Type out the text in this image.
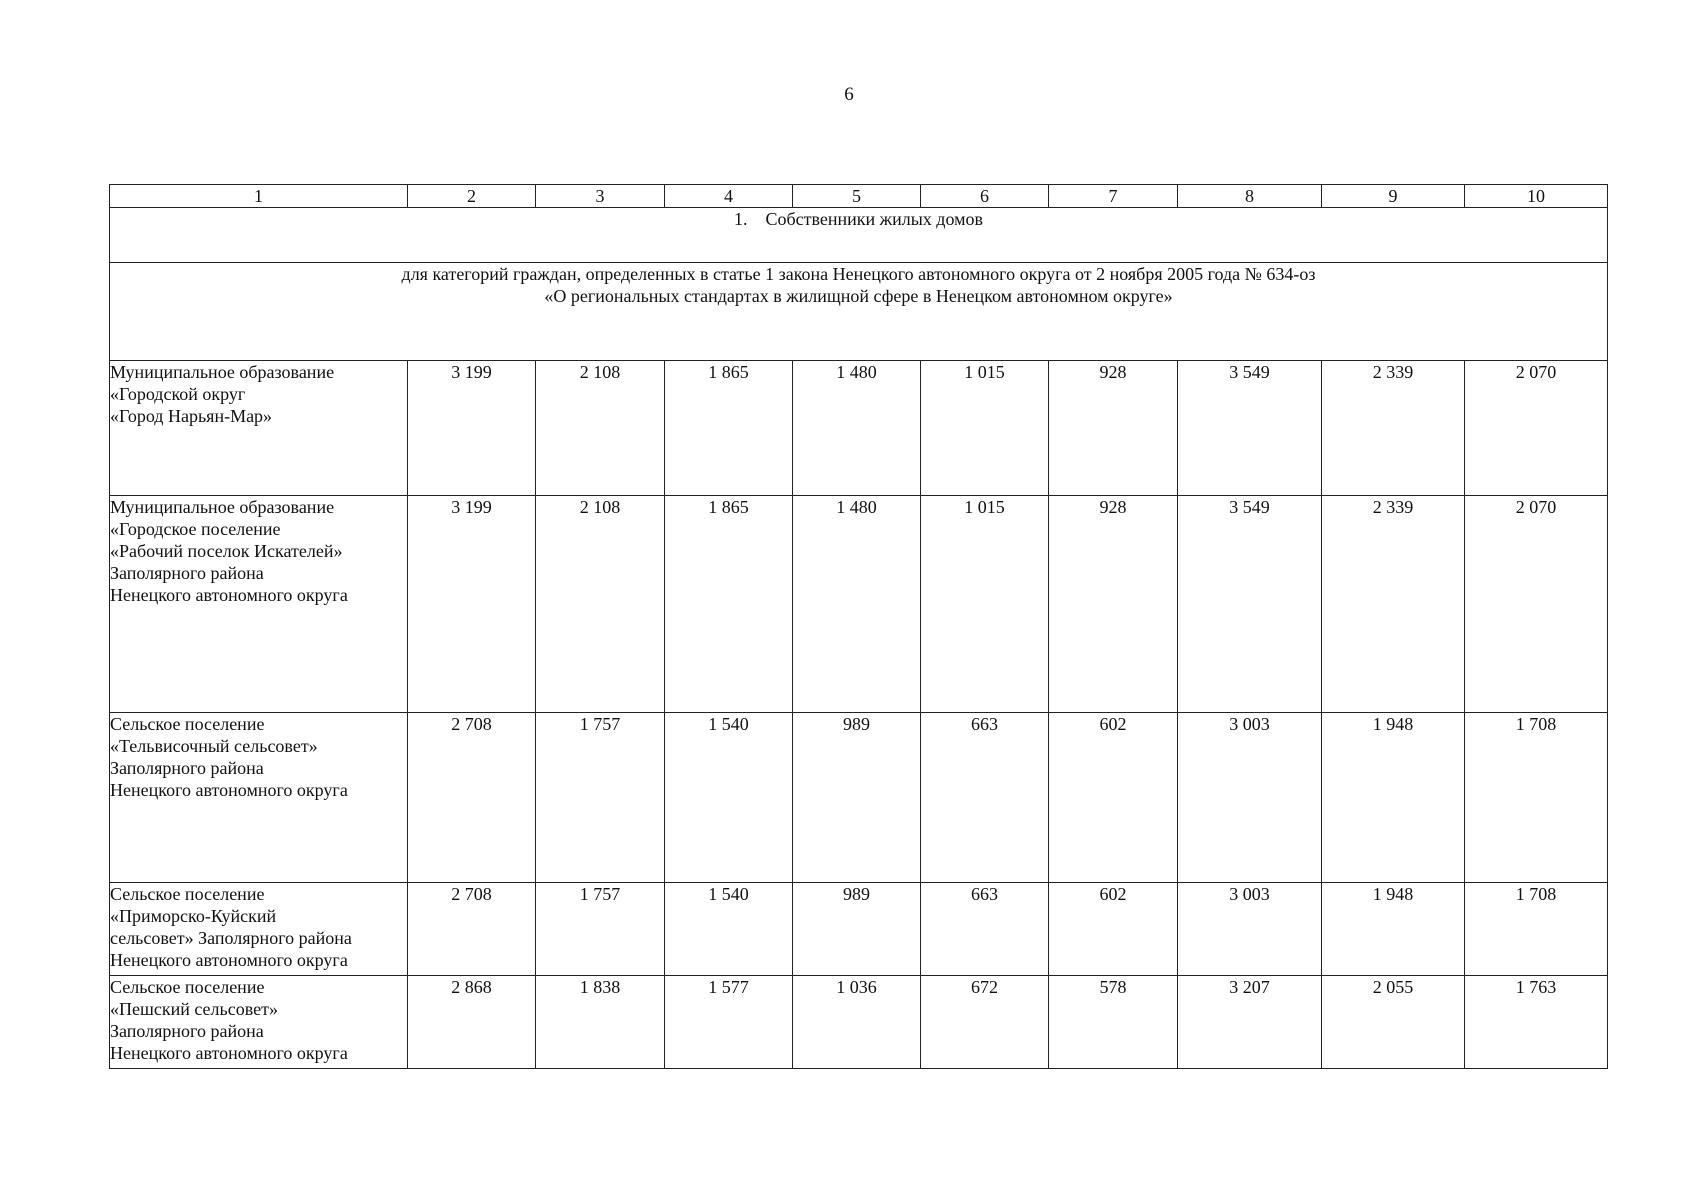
6
1	2	3	4	5	6	7	8	9	10
1. Собственники жилых домов									

для категорий граждан, определенных в статье 1 закона Ненецкого автономного округа от 2 ноября 2005 года № 634-оз
«О региональных стандартах в жилищной сфере в Ненецком автономном округе»									

Муниципальное образование
«Городской округ
«Город Нарьян-Мар»	3 199	2 108	1 865	1 480	1 015	928	3 549	2 339	2 070

Муниципальное образование
«Городское поселение
«Рабочий поселок Искателей»
Заполярного района
Ненецкого автономного округа	3 199	2 108	1 865	1 480	1 015	928	3 549	2 339	2 070

Сельское поселение
«Тельвисочный сельсовет»
Заполярного района
Ненецкого автономного округа	2 708	1 757	1 540	989	663	602	3 003	1 948	1 708

Сельское поселение
«Приморско-Куйский
сельсовет» Заполярного района
Ненецкого автономного округа	2 708	1 757	1 540	989	663	602	3 003	1 948	1 708

Сельское поселение
«Пешский сельсовет»
Заполярного района
Ненецкого автономного округа	2 868	1 838	1 577	1 036	672	578	3 207	2 055	1 763
